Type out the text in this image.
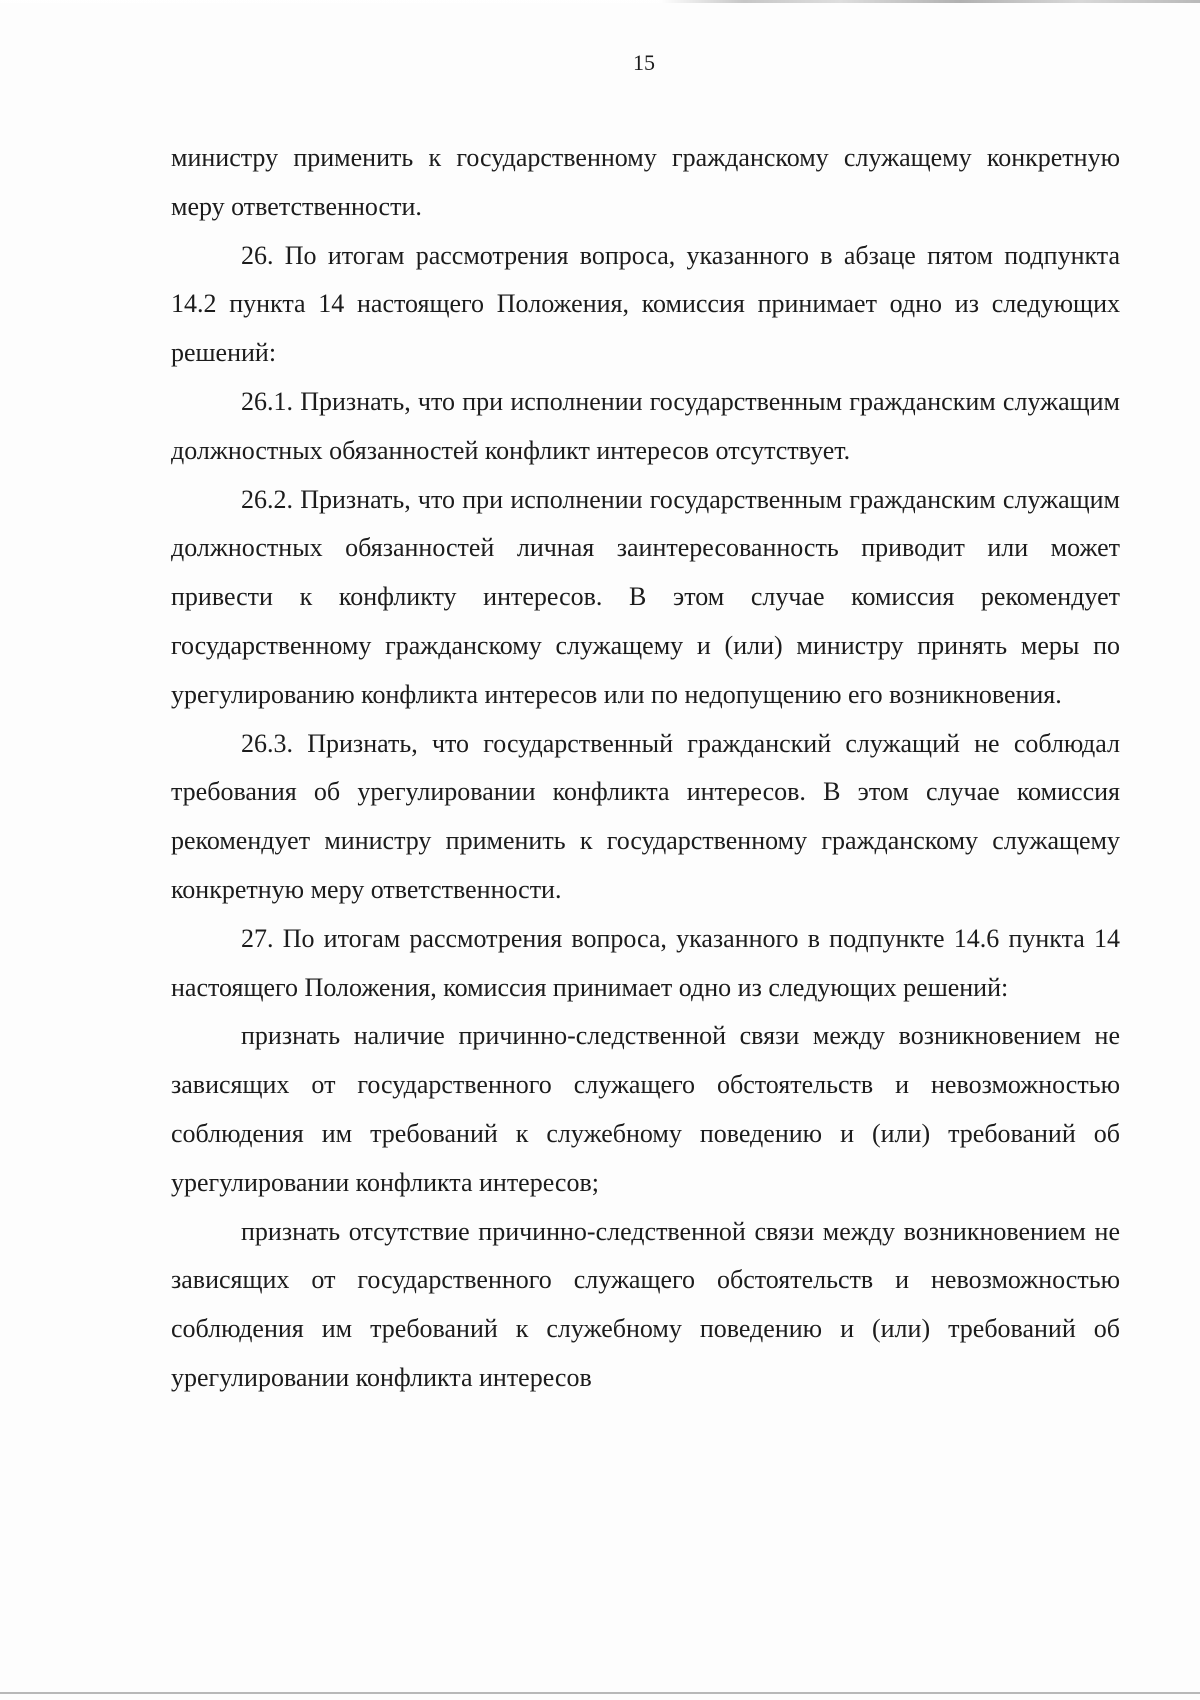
15

министру применить к государственному гражданскому служащему конкретную меру ответственности.

26. По итогам рассмотрения вопроса, указанного в абзаце пятом подпункта 14.2 пункта 14 настоящего Положения, комиссия принимает одно из следующих решений:

26.1. Признать, что при исполнении государственным гражданским служащим должностных обязанностей конфликт интересов отсутствует.

26.2. Признать, что при исполнении государственным гражданским служащим должностных обязанностей личная заинтересованность приводит или может привести к конфликту интересов. В этом случае комиссия рекомендует государственному гражданскому служащему и (или) министру принять меры по урегулированию конфликта интересов или по недопущению его возникновения.

26.3. Признать, что государственный гражданский служащий не соблюдал требования об урегулировании конфликта интересов. В этом случае комиссия рекомендует министру применить к государственному гражданскому служащему конкретную меру ответственности.

27. По итогам рассмотрения вопроса, указанного в подпункте 14.6 пункта 14 настоящего Положения, комиссия принимает одно из следующих решений:

признать наличие причинно-следственной связи между возникновением не зависящих от государственного служащего обстоятельств и невозможностью соблюдения им требований к служебному поведению и (или) требований об урегулировании конфликта интересов;

признать отсутствие причинно-следственной связи между возникновением не зависящих от государственного служащего обстоятельств и невозможностью соблюдения им требований к служебному поведению и (или) требований об урегулировании конфликта интересов
